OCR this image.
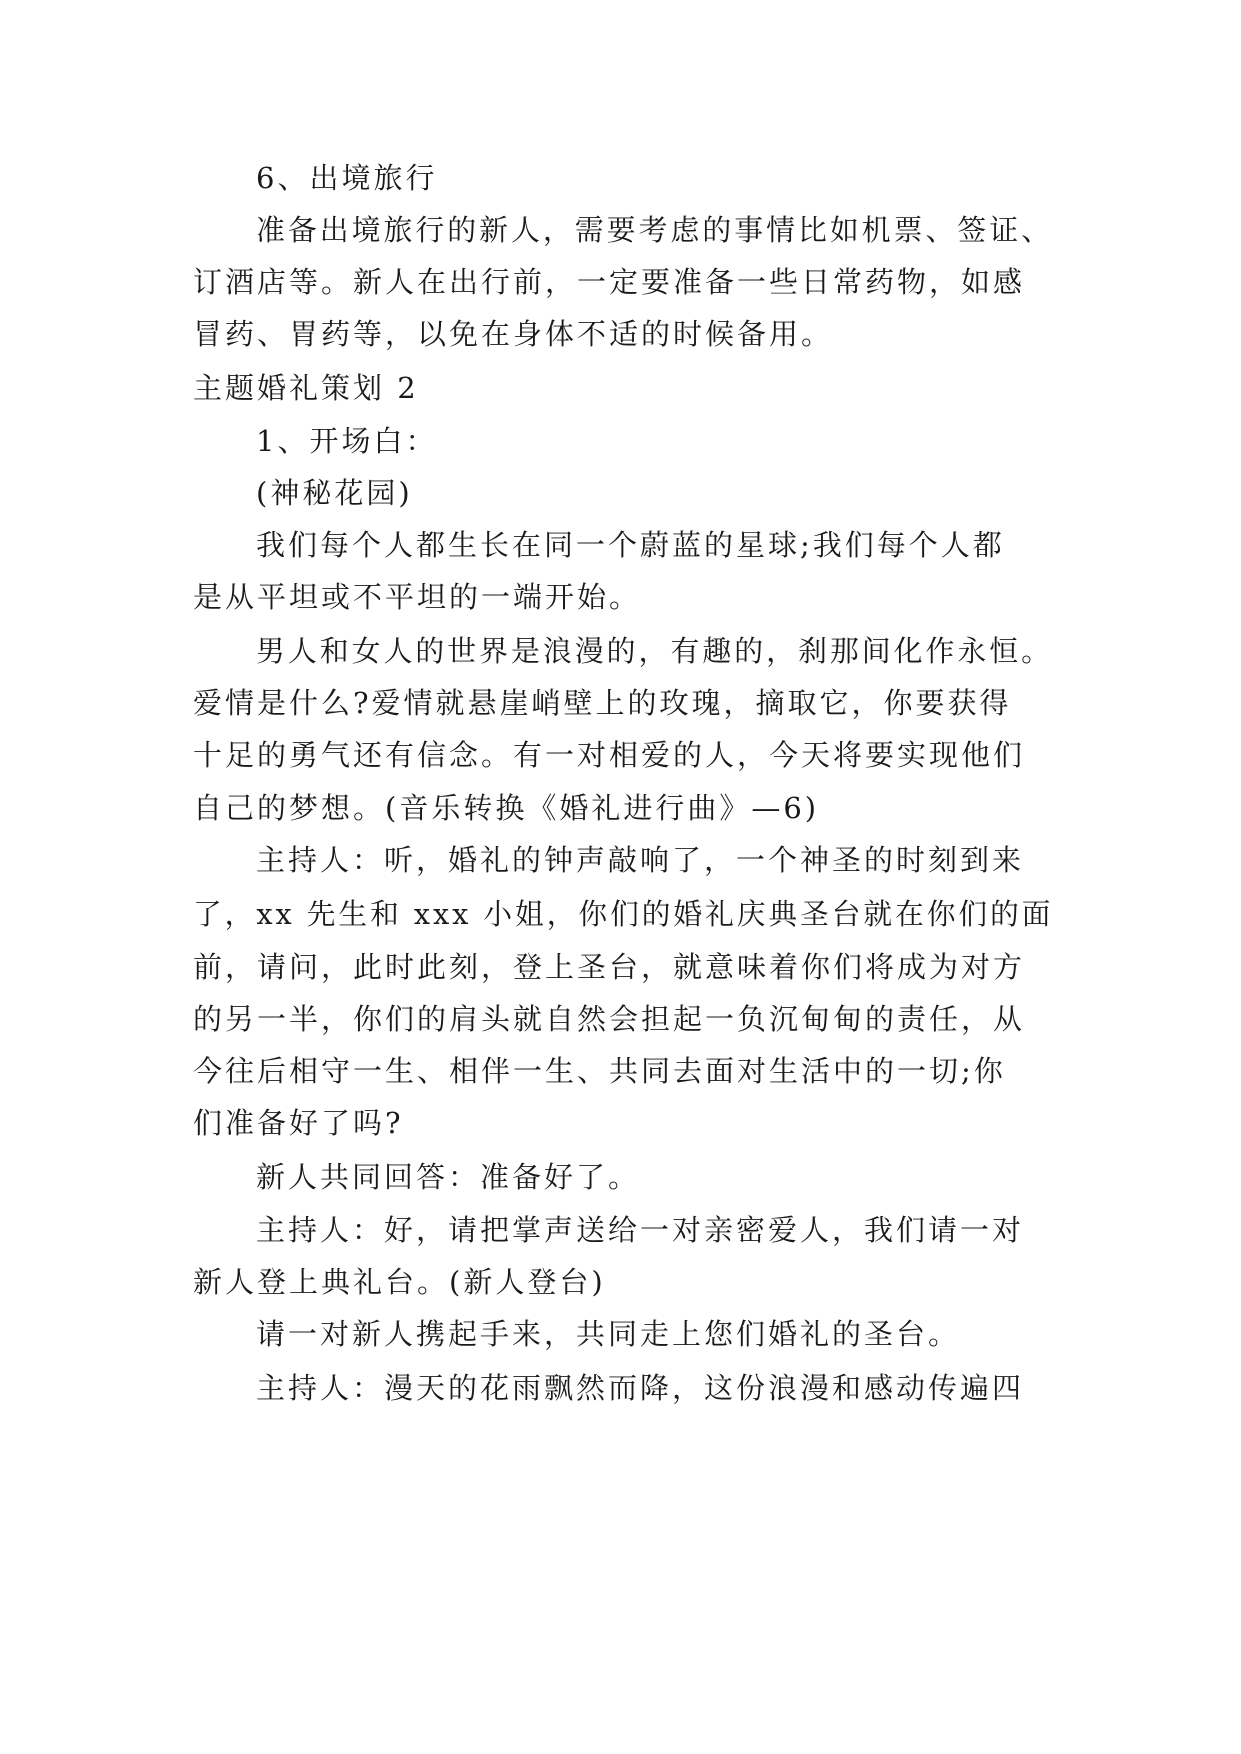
6、出境旅行
准备出境旅行的新人，需要考虑的事情比如机票、签证、
订酒店等。新人在出行前，一定要准备一些日常药物，如感
冒药、胃药等，以免在身体不适的时候备用。
主题婚礼策划 2
1、开场白：
(神秘花园)
我们每个人都生长在同一个蔚蓝的星球;我们每个人都
是从平坦或不平坦的一端开始。
男人和女人的世界是浪漫的，有趣的，刹那间化作永恒。
爱情是什么?爱情就悬崖峭壁上的玫瑰，摘取它，你要获得
十足的勇气还有信念。有一对相爱的人，今天将要实现他们
自己的梦想。(音乐转换《婚礼进行曲》—6)
主持人：听，婚礼的钟声敲响了，一个神圣的时刻到来
了，xx 先生和 xxx 小姐，你们的婚礼庆典圣台就在你们的面
前，请问，此时此刻，登上圣台，就意味着你们将成为对方
的另一半，你们的肩头就自然会担起一负沉甸甸的责任，从
今往后相守一生、相伴一生、共同去面对生活中的一切;你
们准备好了吗?
新人共同回答：准备好了。
主持人：好，请把掌声送给一对亲密爱人，我们请一对
新人登上典礼台。(新人登台)
请一对新人携起手来，共同走上您们婚礼的圣台。
主持人：漫天的花雨飘然而降，这份浪漫和感动传遍四
